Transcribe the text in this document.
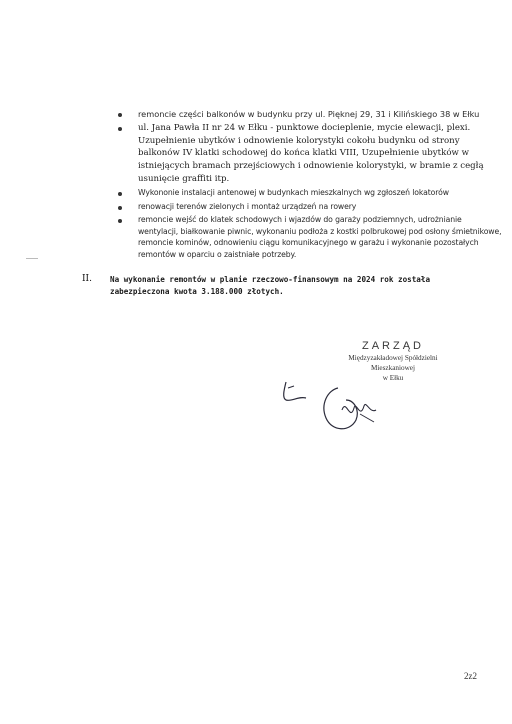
remoncie części balkonów w budynku przy ul. Pięknej 29, 31 i Kilińskiego 38 w Ełku
ul. Jana Pawła II nr 24 w Ełku - punktowe docieplenie, mycie elewacji, plexi. Uzupełnienie ubytków i odnowienie kolorystyki cokołu budynku od strony balkonów IV klatki schodowej do końca klatki VIII, Uzupełnienie ubytków w istniejących bramach przejściowych i odnowienie kolorystyki, w bramie z cegłą usunięcie graffiti itp.
Wykononie instalacji antenowej w budynkach mieszkalnych wg zgłoszeń lokatorów
renowacji terenów zielonych i montaż urządzeń na rowery
remoncie wejść do klatek schodowych i wjazdów do garaży podziemnych, udrożnianie wentylacji, białkowanie piwnic, wykonaniu podłoża z kostki polbrukowej pod osłony śmietnikowe, remoncie kominów, odnowieniu ciągu komunikacyjnego w garażu i wykonanie pozostałych remontów w oparciu o zaistniałe potrzeby.
II. Na wykonanie remontów w planie rzeczowo-finansowym na 2024 rok została zabezpieczona kwota 3.188.000 złotych.
ZARZĄD
Międzyzakładowej Spółdzielni
Mieszkaniowej
w Ełku
2z2
